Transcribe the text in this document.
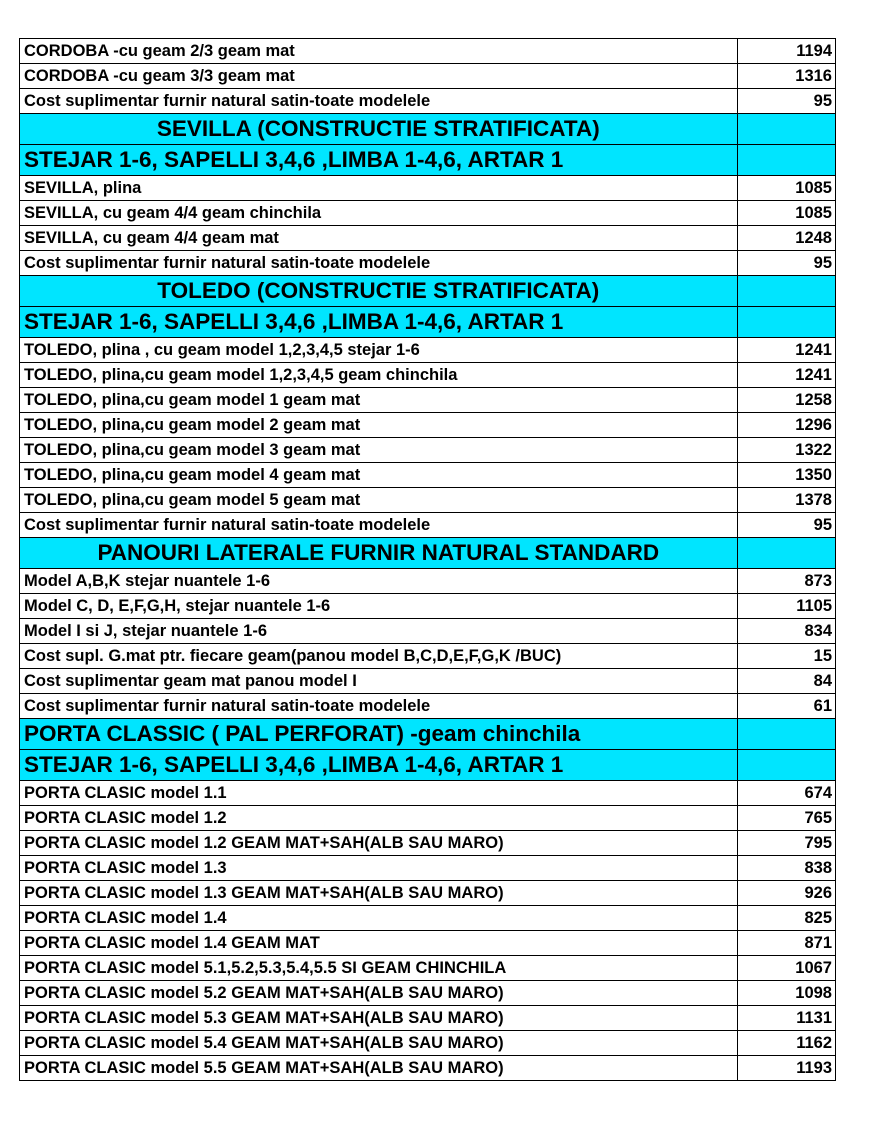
CORDOBA -cu geam 2/3 geam mat	1194
CORDOBA -cu geam 3/3 geam mat	1316
Cost suplimentar furnir natural satin-toate modelele	95
SEVILLA (CONSTRUCTIE STRATIFICATA)	
STEJAR 1-6, SAPELLI 3,4,6 ,LIMBA 1-4,6, ARTAR 1	
SEVILLA, plina	1085
SEVILLA, cu geam 4/4 geam chinchila	1085
SEVILLA, cu geam 4/4 geam mat	1248
Cost suplimentar furnir natural satin-toate modelele	95
TOLEDO (CONSTRUCTIE STRATIFICATA)	
STEJAR 1-6, SAPELLI 3,4,6 ,LIMBA 1-4,6, ARTAR 1	
TOLEDO, plina , cu geam model 1,2,3,4,5 stejar 1-6	1241
TOLEDO, plina,cu geam model 1,2,3,4,5 geam chinchila	1241
TOLEDO, plina,cu geam model 1 geam mat	1258
TOLEDO, plina,cu geam model 2 geam mat	1296
TOLEDO, plina,cu geam model 3 geam mat	1322
TOLEDO, plina,cu geam model 4 geam mat	1350
TOLEDO, plina,cu geam model 5 geam mat	1378
Cost suplimentar furnir natural satin-toate modelele	95
PANOURI LATERALE FURNIR NATURAL STANDARD	
Model A,B,K stejar nuantele 1-6	873
Model C, D, E,F,G,H, stejar nuantele 1-6	1105
Model I si J, stejar nuantele 1-6	834
Cost supl. G.mat ptr. fiecare geam(panou model B,C,D,E,F,G,K /BUC)	15
Cost suplimentar geam mat panou model I	84
Cost suplimentar furnir natural satin-toate modelele	61
PORTA CLASSIC ( PAL PERFORAT) -geam chinchila	
STEJAR 1-6, SAPELLI 3,4,6 ,LIMBA 1-4,6, ARTAR 1	
PORTA CLASIC model 1.1	674
PORTA CLASIC model 1.2	765
PORTA CLASIC model 1.2 GEAM MAT+SAH(ALB SAU MARO)	795
PORTA CLASIC model 1.3	838
PORTA CLASIC model 1.3 GEAM MAT+SAH(ALB SAU MARO)	926
PORTA CLASIC model 1.4	825
PORTA CLASIC model 1.4 GEAM MAT	871
PORTA CLASIC model 5.1,5.2,5.3,5.4,5.5 SI GEAM CHINCHILA	1067
PORTA CLASIC model 5.2 GEAM MAT+SAH(ALB SAU MARO)	1098
PORTA CLASIC model 5.3 GEAM MAT+SAH(ALB SAU MARO)	1131
PORTA CLASIC model 5.4 GEAM MAT+SAH(ALB SAU MARO)	1162
PORTA CLASIC model 5.5 GEAM MAT+SAH(ALB SAU MARO)	1193
